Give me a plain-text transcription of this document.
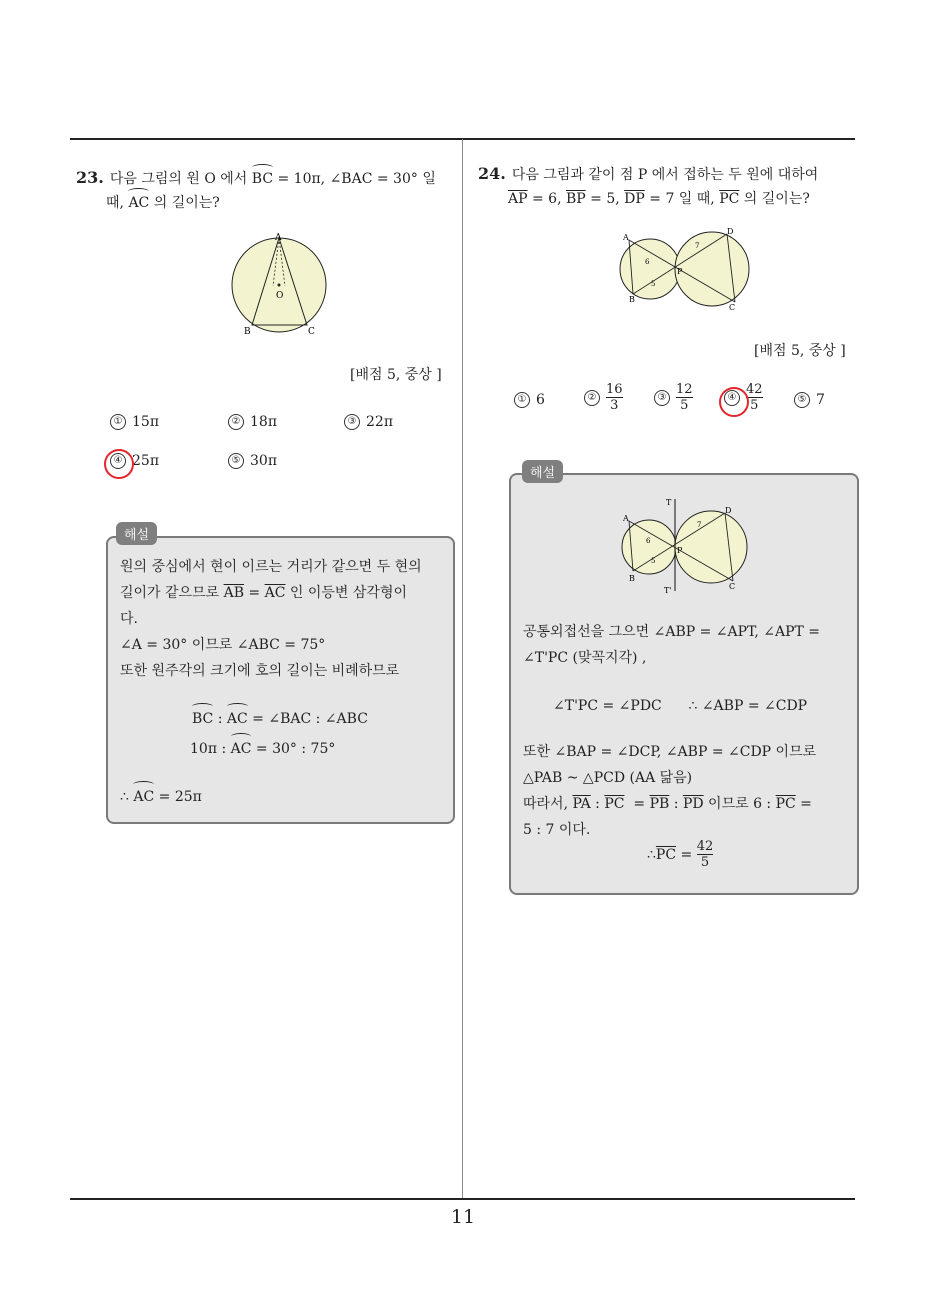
11
23. 다음 그림의 원 O 에서 BC = 10π, ∠BAC = 30° 일
때, AC 의 길이는?
A
O
B	C
[배점 5, 중상 ]
① 15π	② 18π	③ 22π
④ 25π	⑤ 30π
원의 중심에서 현이 이르는 거리가 같으면 두 현의
길이가 같으므로 $\overline{AB} = \overline{AC}$ 인 이등변 삼각형이
다.
∠A = 30° 이므로 ∠ABC = 75°
또한 원주각의 크기에 호의 길이는 비례하므로
BC : AC = ∠BAC : ∠ABC
10π : AC = 30° : 75°
∴ AC = 25π
해설
24. 다음 그림과 같이 점 P 에서 접하는 두 원에 대하여
$\overline{AP} = 6$, $\overline{BP} = 5$, $\overline{DP} = 7$ 일 때, $\overline{PC}$ 의 길이는?
A
B
D
C
P
6
5
7
[배점 5, 중상 ]
① 6	② $\frac{16}{3}$	③ $\frac{12}{5}$	④ $\frac{42}{5}$	⑤ 7
T
T'
A
B
D
C
P
6
5
7
공통외접선을 그으면 ∠ABP = ∠APT, ∠APT =
∠T'PC (맞꼭지각) ,
∠T'PC = ∠PDC      ∴ ∠ABP = ∠CDP
또한 ∠BAP = ∠DCP, ∠ABP = ∠CDP 이므로
△PAB ~ △PCD (AA 닮음)
따라서, $\overline{PA}$ : $\overline{PC} = \overline{PB}$ : $\overline{PD}$ 이므로 6 : $\overline{PC}$ =
5 : 7 이다.
∴ $\overline{PC} = \frac{42}{5}$
해설
